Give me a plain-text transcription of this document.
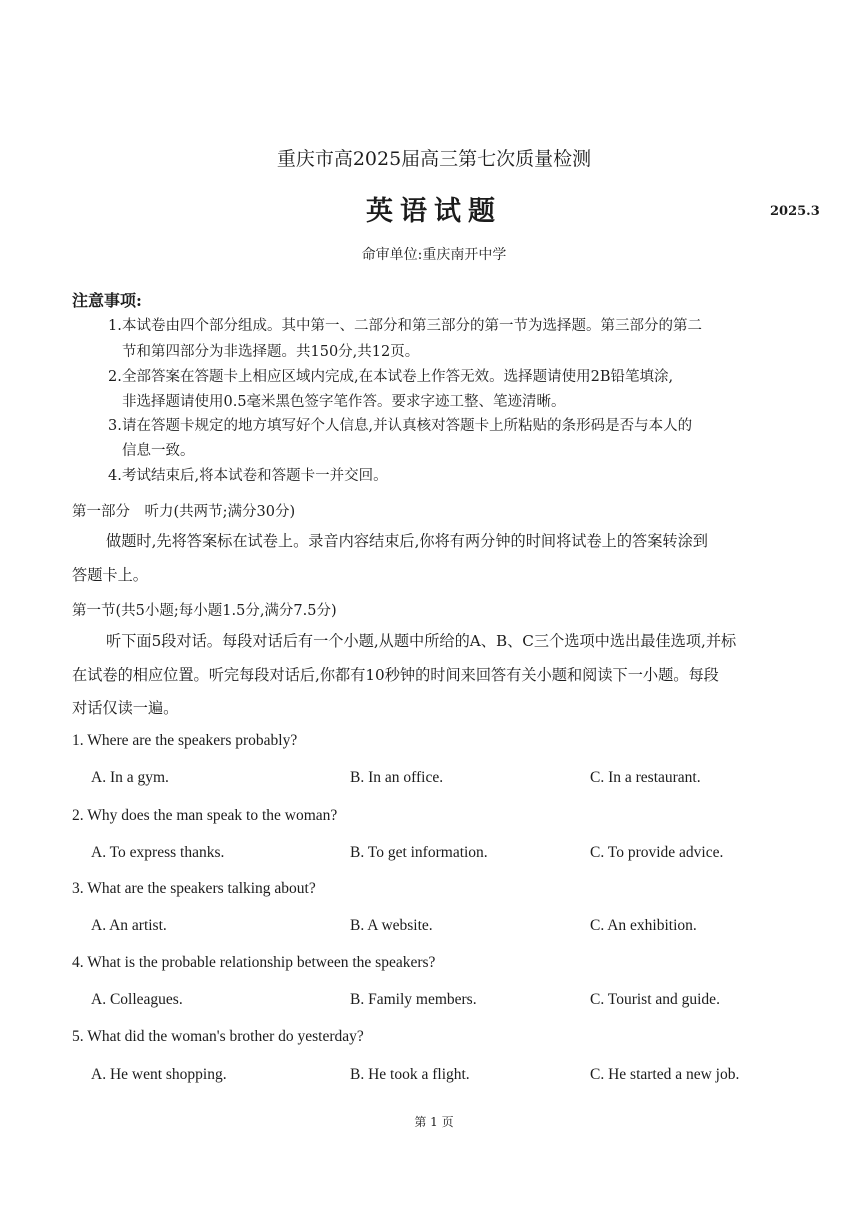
重庆市高2025届高三第七次质量检测
英语试题	2025.3
命审单位:重庆南开中学
注意事项:
1.本试卷由四个部分组成。其中第一、二部分和第三部分的第一节为选择题。第三部分的第二
节和第四部分为非选择题。共150分,共12页。
2.全部答案在答题卡上相应区域内完成,在本试卷上作答无效。选择题请使用2B铅笔填涂,
非选择题请使用0.5毫米黑色签字笔作答。要求字迹工整、笔迹清晰。
3.请在答题卡规定的地方填写好个人信息,并认真核对答题卡上所粘贴的条形码是否与本人的
信息一致。
4.考试结束后,将本试卷和答题卡一并交回。
第一部分　听力(共两节;满分30分)
做题时,先将答案标在试卷上。录音内容结束后,你将有两分钟的时间将试卷上的答案转涂到
答题卡上。
第一节(共5小题;每小题1.5分,满分7.5分)
听下面5段对话。每段对话后有一个小题,从题中所给的A、B、C三个选项中选出最佳选项,并标
在试卷的相应位置。听完每段对话后,你都有10秒钟的时间来回答有关小题和阅读下一小题。每段
对话仅读一遍。
1. Where are the speakers probably?
A. In a gym.	B. In an office.	C. In a restaurant.
2. Why does the man speak to the woman?
A. To express thanks.	B. To get information.	C. To provide advice.
3. What are the speakers talking about?
A. An artist.	B. A website.	C. An exhibition.
4. What is the probable relationship between the speakers?
A. Colleagues.	B. Family members.	C. Tourist and guide.
5. What did the woman's brother do yesterday?
A. He went shopping.	B. He took a flight.	C. He started a new job.
第 1 页
